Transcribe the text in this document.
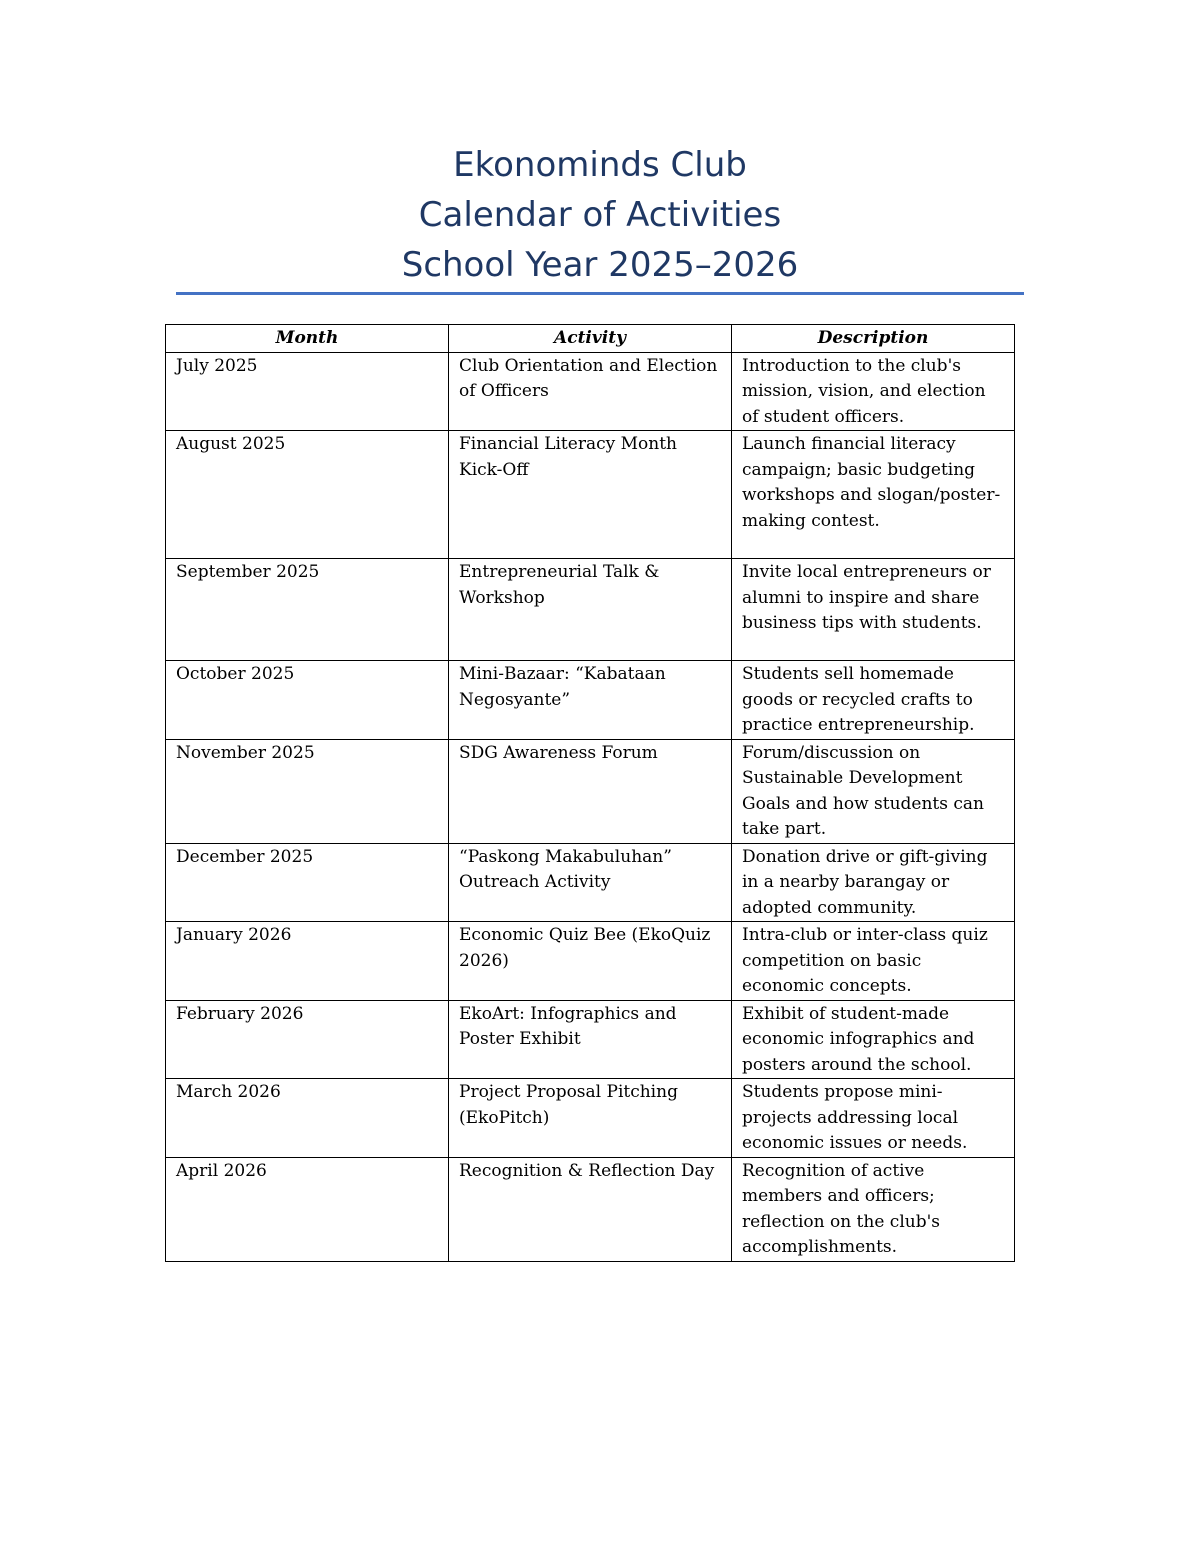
Ekonominds Club
Calendar of Activities
School Year 2025–2026
Month	Activity	Description
July 2025	Club Orientation and Election of Officers	Introduction to the club's mission, vision, and election of student officers.
August 2025	Financial Literacy Month Kick-Off	Launch financial literacy campaign; basic budgeting workshops and slogan/poster-making contest.
September 2025	Entrepreneurial Talk & Workshop	Invite local entrepreneurs or alumni to inspire and share business tips with students.
October 2025	Mini-Bazaar: “Kabataan Negosyante”	Students sell homemade goods or recycled crafts to practice entrepreneurship.
November 2025	SDG Awareness Forum	Forum/discussion on Sustainable Development Goals and how students can take part.
December 2025	“Paskong Makabuluhan” Outreach Activity	Donation drive or gift-giving in a nearby barangay or adopted community.
January 2026	Economic Quiz Bee (EkoQuiz 2026)	Intra-club or inter-class quiz competition on basic economic concepts.
February 2026	EkoArt: Infographics and Poster Exhibit	Exhibit of student-made economic infographics and posters around the school.
March 2026	Project Proposal Pitching (EkoPitch)	Students propose mini-projects addressing local economic issues or needs.
April 2026	Recognition & Reflection Day	Recognition of active members and officers; reflection on the club's accomplishments.
